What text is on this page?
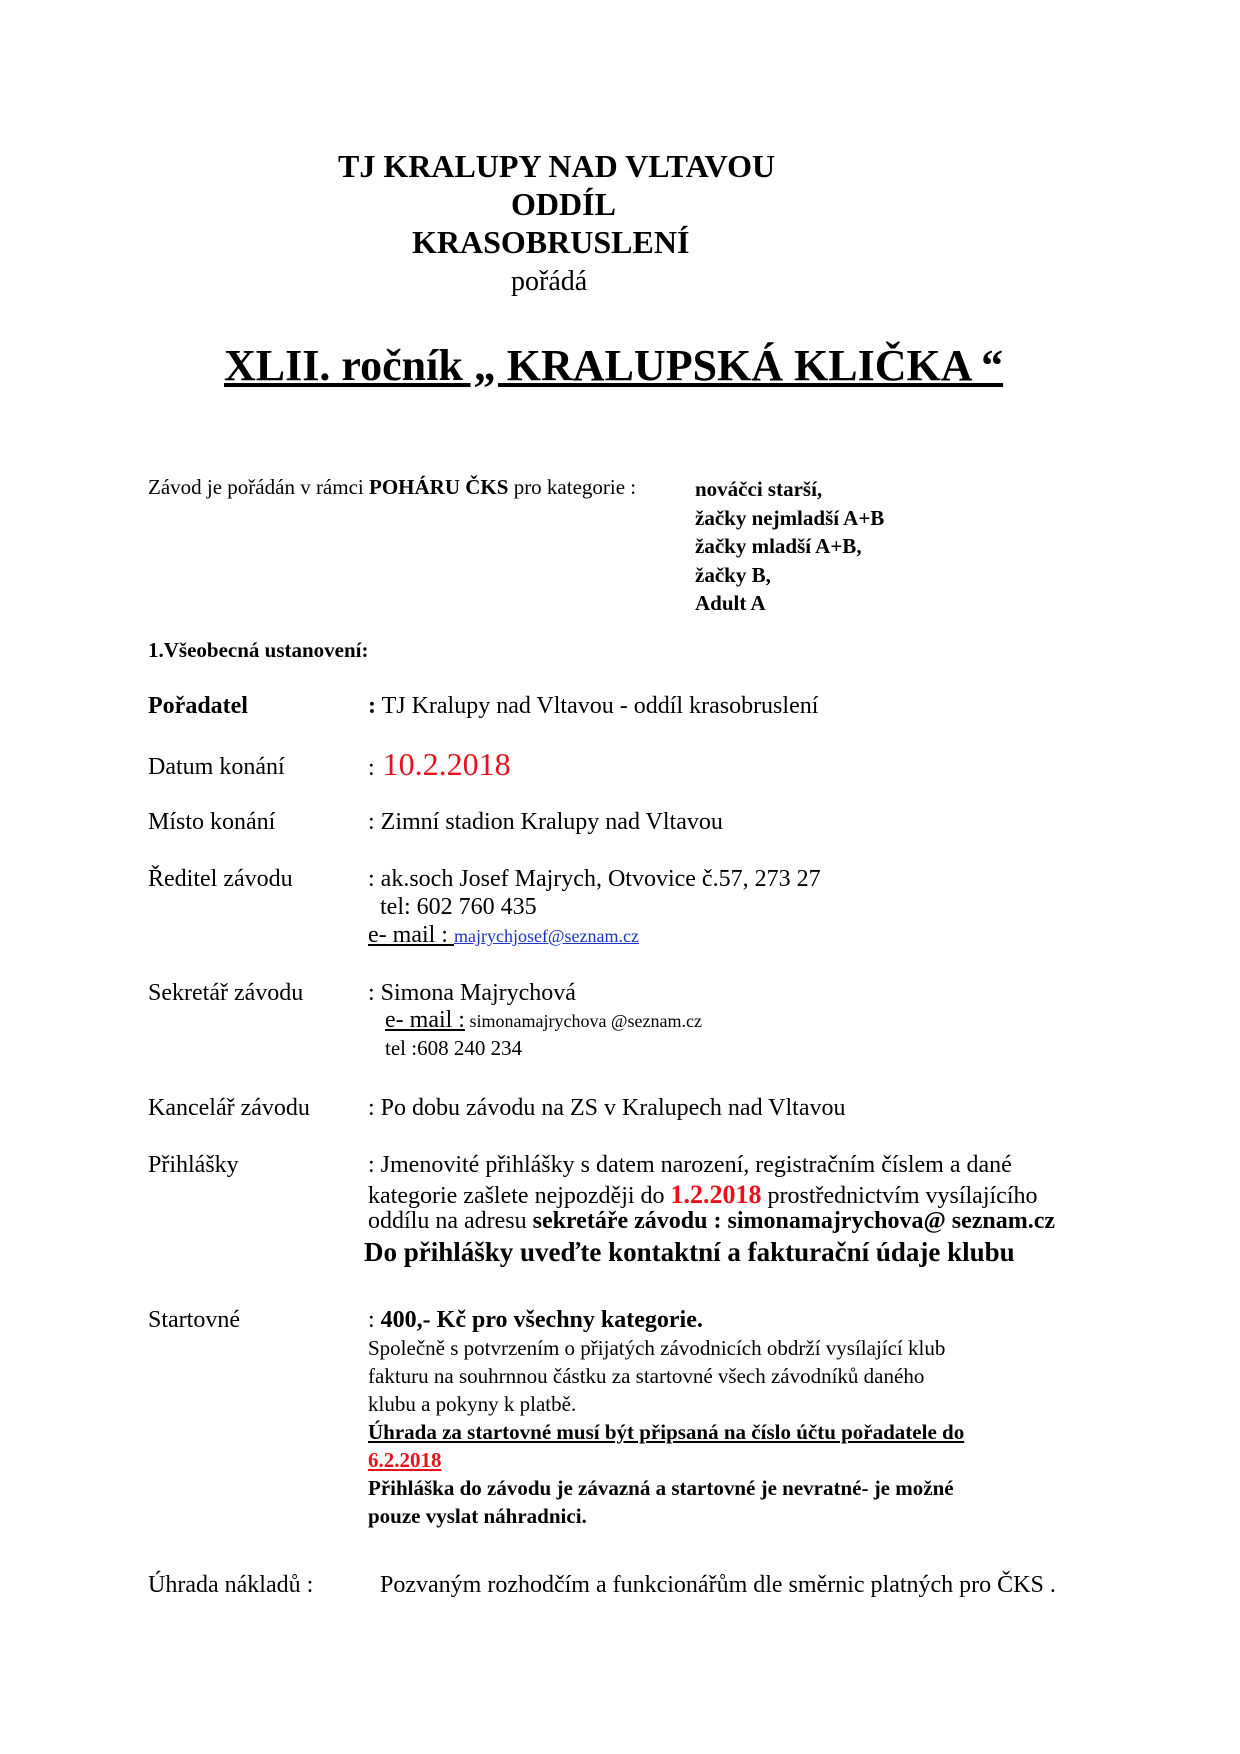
TJ KRALUPY NAD VLTAVOU
ODDÍL
KRASOBRUSLENÍ
pořádá
XLII. ročník „ KRALUPSKÁ KLIČKA “
Závod je pořádán v rámci POHÁRU ČKS pro kategorie :	nováčci starší,
žačky nejmladší A+B
žačky mladší A+B,
žačky B,
Adult A
1.Všeobecná ustanovení:
Pořadatel	: TJ Kralupy nad Vltavou - oddíl krasobruslení
Datum konání	: 10.2.2018
Místo konání	: Zimní stadion Kralupy nad Vltavou
Ředitel závodu	: ak.soch Josef Majrych, Otvovice č.57, 273 27
tel: 602 760 435
e- mail : majrychjosef@seznam.cz
Sekretář závodu	: Simona Majrychová
e- mail : simonamajrychova @seznam.cz
tel :608 240 234
Kancelář závodu : Po dobu závodu na ZS v Kralupech nad Vltavou
Přihlášky	: Jmenovité přihlášky s datem narození, registračním číslem a dané
kategorie zašlete nejpozději do 1.2.2018 prostřednictvím vysílajícího
oddílu na adresu sekretáře závodu : simonamajrychova@ seznam.cz
Do přihlášky uveďte kontaktní a fakturační údaje klubu
Startovné	: 400,- Kč pro všechny kategorie.
Společně s potvrzením o přijatých závodnicích obdrží vysílající klub
fakturu na souhrnnou částku za startovné všech závodníků daného
klubu a pokyny k platbě.
Úhrada za startovné musí být připsaná na číslo účtu pořadatele do
6.2.2018
Přihláška do závodu je závazná a startovné je nevratné- je možné
pouze vyslat náhradnici.
Úhrada nákladů :	Pozvaným rozhodčím a funkcionářům dle směrnic platných pro ČKS .
